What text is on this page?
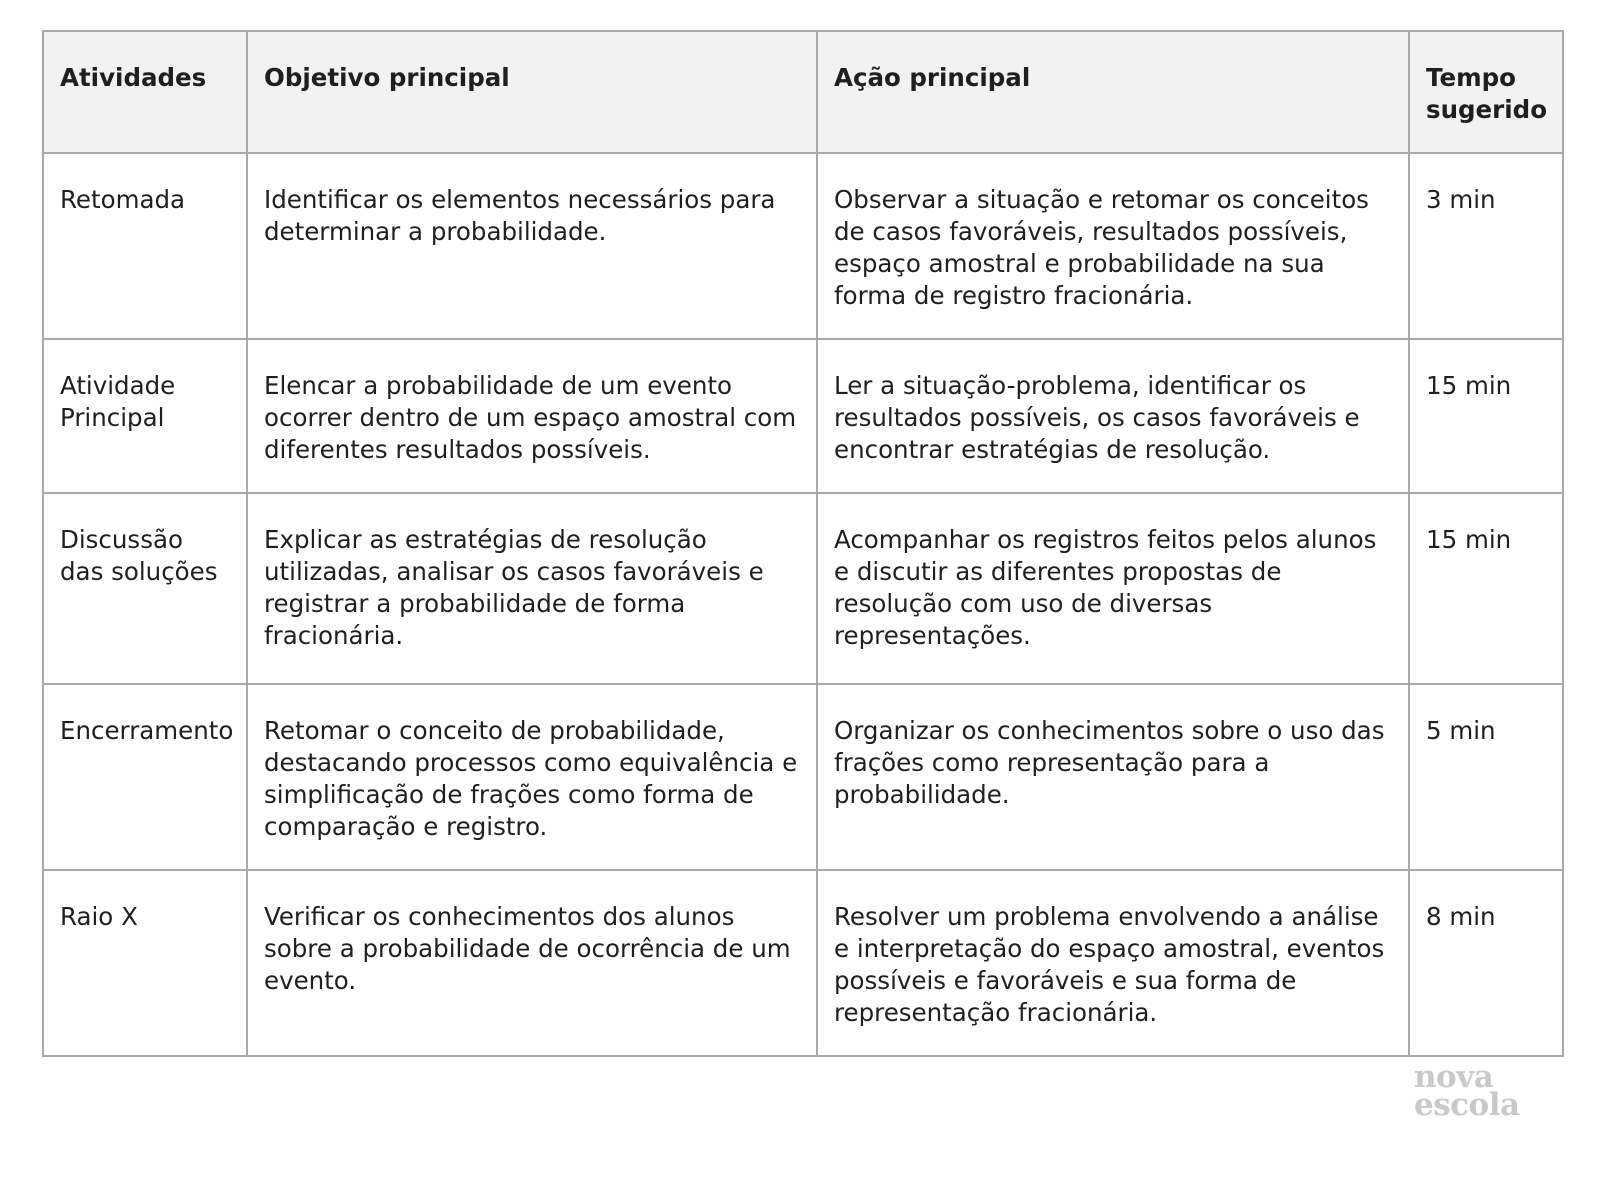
Atividades	Objetivo principal	Ação principal	Tempo sugerido
Retomada	Identificar os elementos necessários para determinar a probabilidade.	Observar a situação e retomar os conceitos de casos favoráveis, resultados possíveis, espaço amostral e probabilidade na sua forma de registro fracionária.	3 min
Atividade Principal	Elencar a probabilidade de um evento ocorrer dentro de um espaço amostral com diferentes resultados possíveis.	Ler a situação-problema, identificar os resultados possíveis, os casos favoráveis e encontrar estratégias de resolução.	15 min
Discussão das soluções	Explicar as estratégias de resolução utilizadas, analisar os casos favoráveis e registrar a probabilidade de forma fracionária.	Acompanhar os registros feitos pelos alunos e discutir as diferentes propostas de resolução com uso de diversas representações.	15 min
Encerramento	Retomar o conceito de probabilidade, destacando processos como equivalência e simplificação de frações como forma de comparação e registro.	Organizar os conhecimentos sobre o uso das frações como representação para a probabilidade.	5 min
Raio X	Verificar os conhecimentos dos alunos sobre a probabilidade de ocorrência de um evento.	Resolver um problema envolvendo a análise e interpretação do espaço amostral, eventos possíveis e favoráveis e sua forma de representação fracionária.	8 min
nova
escola
